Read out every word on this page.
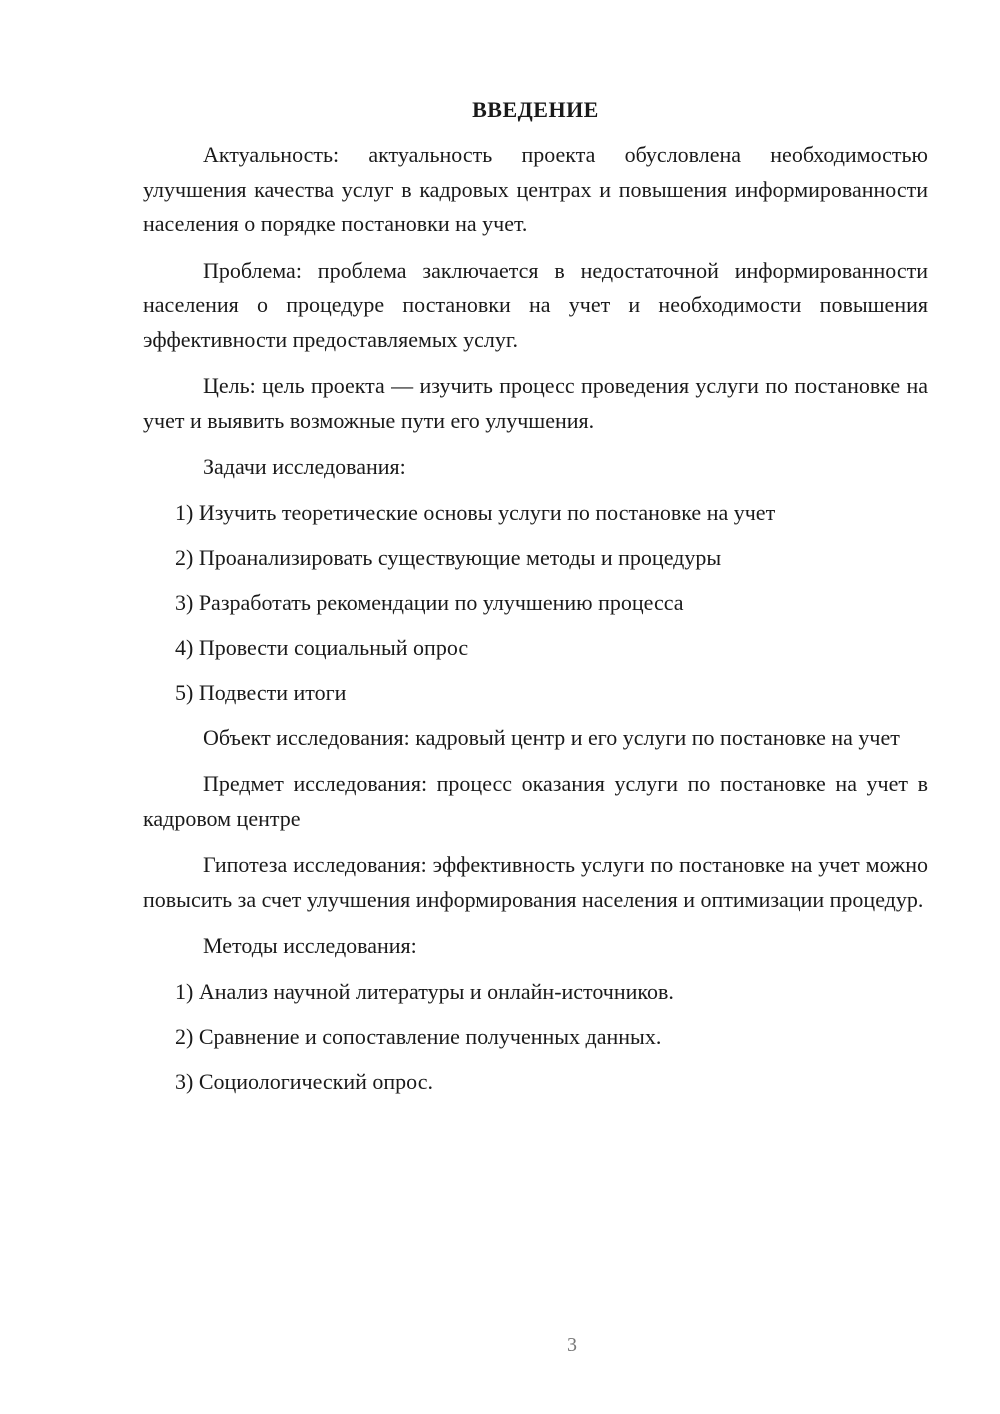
ВВЕДЕНИЕ

Актуальность: актуальность проекта обусловлена необходимостью улучшения качества услуг в кадровых центрах и повышения информированности населения о порядке постановки на учет.

Проблема: проблема заключается в недостаточной информированности населения о процедуре постановки на учет и необходимости повышения эффективности предоставляемых услуг.

Цель: цель проекта — изучить процесс проведения услуги по постановке на учет и выявить возможные пути его улучшения.

Задачи исследования:

1) Изучить теоретические основы услуги по постановке на учет
2) Проанализировать существующие методы и процедуры
3) Разработать рекомендации по улучшению процесса
4) Провести социальный опрос
5) Подвести итоги

Объект исследования: кадровый центр и его услуги по постановке на учет

Предмет исследования: процесс оказания услуги по постановке на учет в кадровом центре

Гипотеза исследования: эффективность услуги по постановке на учет можно повысить за счет улучшения информирования населения и оптимизации процедур.

Методы исследования:

1) Анализ научной литературы и онлайн-источников.
2) Сравнение и сопоставление полученных данных.
3) Социологический опрос.
3
